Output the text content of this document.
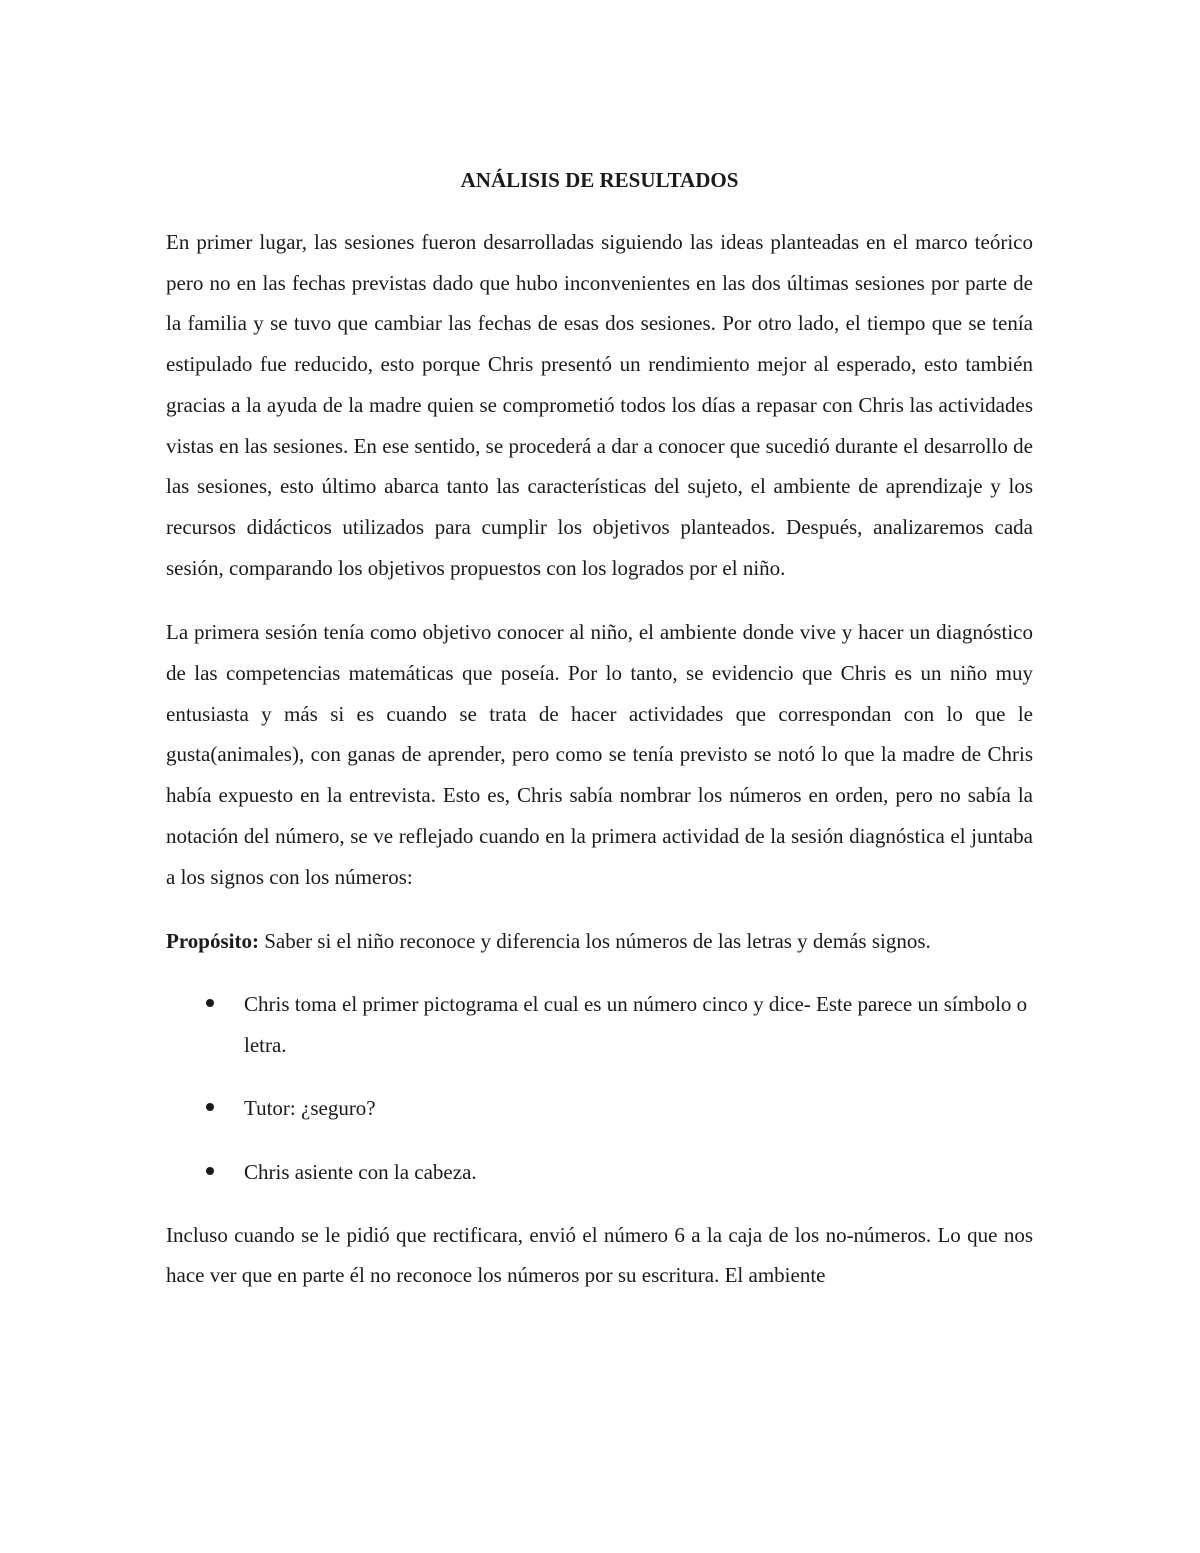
ANÁLISIS DE RESULTADOS

En primer lugar, las sesiones fueron desarrolladas siguiendo las ideas planteadas en el marco teórico pero no en las fechas previstas dado que hubo inconvenientes en las dos últimas sesiones por parte de la familia y se tuvo que cambiar las fechas de esas dos sesiones. Por otro lado, el tiempo que se tenía estipulado fue reducido, esto porque Chris presentó un rendimiento mejor al esperado, esto también gracias a la ayuda de la madre quien se comprometió todos los días a repasar con Chris las actividades vistas en las sesiones. En ese sentido, se procederá a dar a conocer que sucedió durante el desarrollo de las sesiones, esto último abarca tanto las características del sujeto, el ambiente de aprendizaje y los recursos didácticos utilizados para cumplir los objetivos planteados. Después, analizaremos cada sesión, comparando los objetivos propuestos con los logrados por el niño.

La primera sesión tenía como objetivo conocer al niño, el ambiente donde vive y hacer un diagnóstico de las competencias matemáticas que poseía. Por lo tanto, se evidencio que Chris es un niño muy entusiasta y más si es cuando se trata de hacer actividades que correspondan con lo que le gusta(animales), con ganas de aprender, pero como se tenía previsto se notó lo que la madre de Chris había expuesto en la entrevista. Esto es, Chris sabía nombrar los números en orden, pero no sabía la notación del número, se ve reflejado cuando en la primera actividad de la sesión diagnóstica el juntaba a los signos con los números:

Propósito: Saber si el niño reconoce y diferencia los números de las letras y demás signos.

Chris toma el primer pictograma el cual es un número cinco y dice- Este parece un símbolo o letra.
Tutor: ¿seguro?
Chris asiente con la cabeza.

Incluso cuando se le pidió que rectificara, envió el número 6 a la caja de los no-números. Lo que nos hace ver que en parte él no reconoce los números por su escritura. El ambiente
